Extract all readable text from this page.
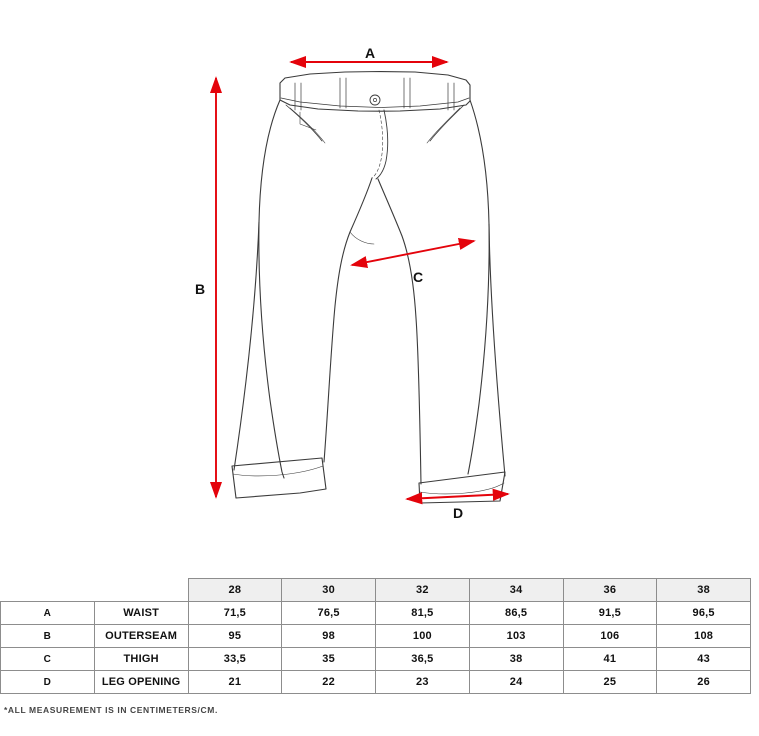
A
B
C
D
		28	30	32	34	36	38
A	WAIST	71,5	76,5	81,5	86,5	91,5	96,5
B	OUTERSEAM	95	98	100	103	106	108
C	THIGH	33,5	35	36,5	38	41	43
D	LEG OPENING	21	22	23	24	25	26
*ALL MEASUREMENT IS IN CENTIMETERS/CM.
